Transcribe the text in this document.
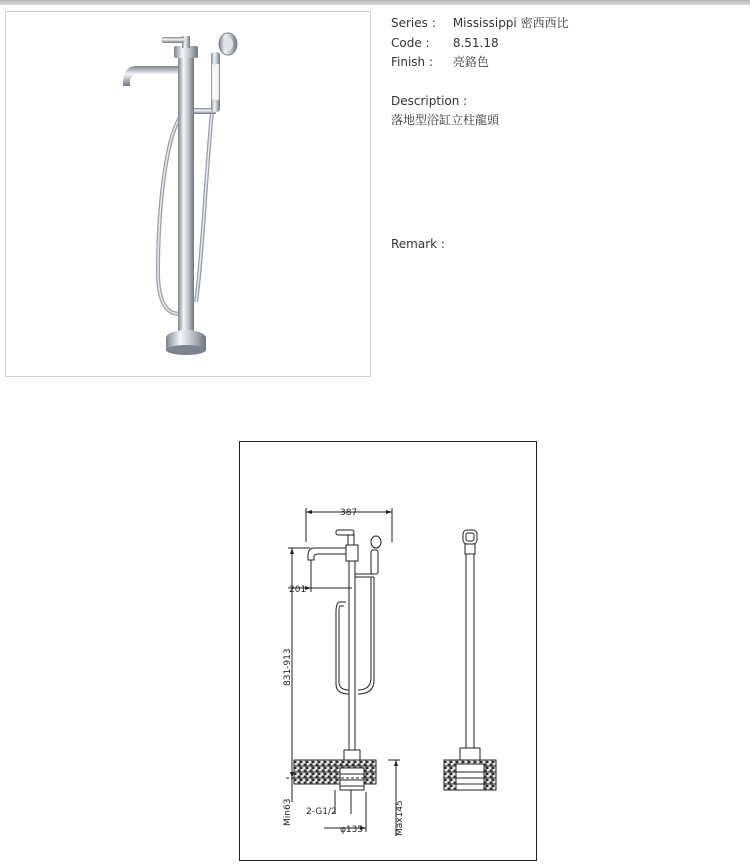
Series : Mississippi 密西西比
Code : 8.51.18
Finish : 亮鉻色
Description :
落地型浴缸立柱龍頭
Remark :
387
201
831-913
Min63 2-G1/2
φ135	Max145
